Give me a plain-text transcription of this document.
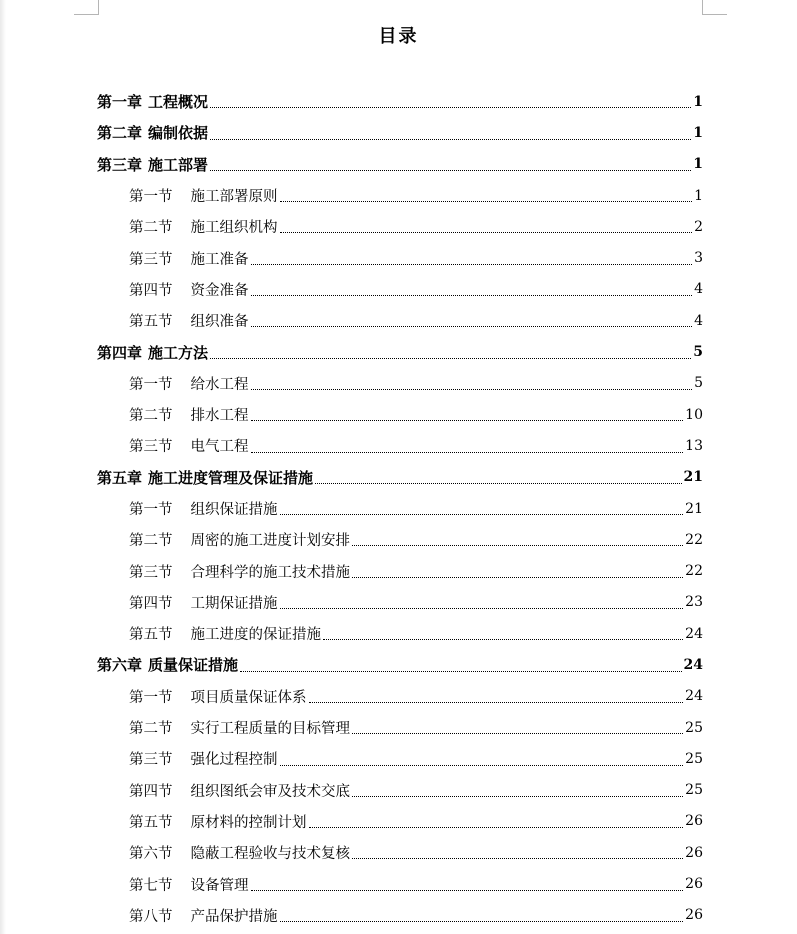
目录
第一章 工程概况	1
第二章 编制依据	1
第三章 施工部署	1
第一节 施工部署原则	1
第二节 施工组织机构	2
第三节 施工准备	3
第四节 资金准备	4
第五节 组织准备	4
第四章 施工方法	5
第一节 给水工程	5
第二节 排水工程	10
第三节 电气工程	13
第五章 施工进度管理及保证措施	21
第一节 组织保证措施	21
第二节 周密的施工进度计划安排	22
第三节 合理科学的施工技术措施	22
第四节 工期保证措施	23
第五节 施工进度的保证措施	24
第六章 质量保证措施	24
第一节 项目质量保证体系	24
第二节 实行工程质量的目标管理	25
第三节 强化过程控制	25
第四节 组织图纸会审及技术交底	25
第五节 原材料的控制计划	26
第六节 隐蔽工程验收与技术复核	26
第七节 设备管理	26
第八节 产品保护措施	26
